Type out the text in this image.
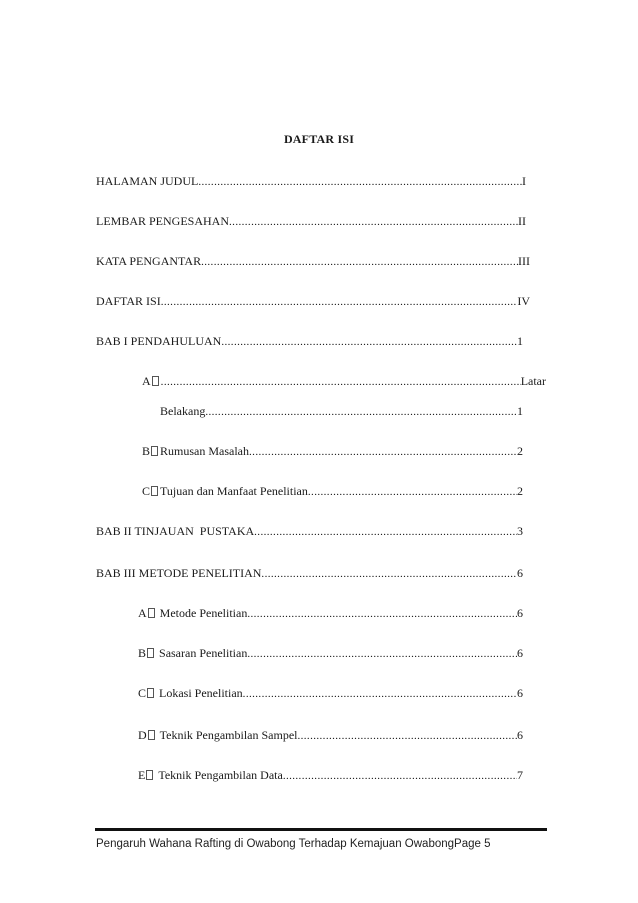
DAFTAR ISI
HALAMAN JUDUL .....	I
LEMBAR PENGESAHAN .....	II
KATA PENGANTAR .....	III
DAFTAR ISI .....	IV
BAB I PENDAHULUAN .....	1
A .....	Latar
Belakang .....	1
B Rumusan Masalah .....	2
C Tujuan dan Manfaat Penelitian .....	2
BAB II TINJAUAN  PUSTAKA .....	3
BAB III METODE PENELITIAN .....	6
A Metode Penelitian .....	6
B Sasaran Penelitian .....	6
C Lokasi Penelitian .....	6
D Teknik Pengambilan Sampel .....	6
E Teknik Pengambilan Data .....	7
Pengaruh Wahana Rafting di Owabong Terhadap Kemajuan OwabongPage 5
